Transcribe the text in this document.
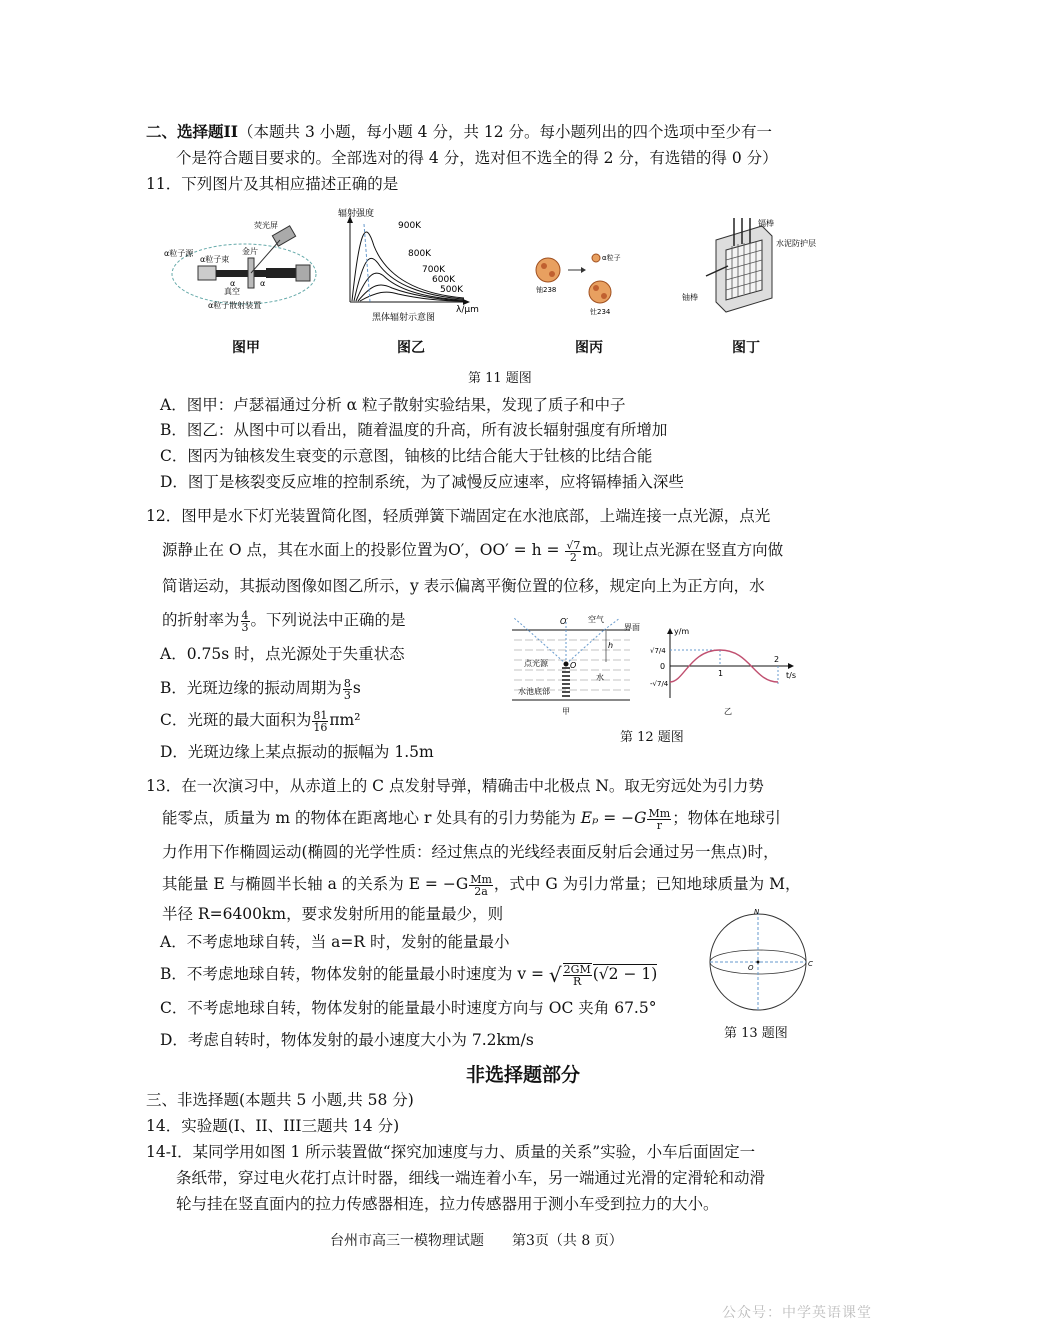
二、选择题II（本题共 3 小题，每小题 4 分，共 12 分。每小题列出的四个选项中至少有一
个是符合题目要求的。全部选对的得 4 分，选对但不选全的得 2 分，有选错的得 0 分）
11．下列图片及其相应描述正确的是
荧光屏
α粒子源
α粒子束
金片
α	α
真空
α粒子散射装置
图甲
辐射强度
900K
800K
700K
600K
500K
λ/μm
黑体辐射示意图
图乙
α粒子
铀238
钍234
图丙
镉棒
水泥防护层
铀棒
图丁
第 11 题图
A．图甲：卢瑟福通过分析 α 粒子散射实验结果，发现了质子和中子
B．图乙：从图中可以看出，随着温度的升高，所有波长辐射强度有所增加
C．图丙为铀核发生衰变的示意图，铀核的比结合能大于钍核的比结合能
D．图丁是核裂变反应堆的控制系统，为了减慢反应速率，应将镉棒插入深些
12．图甲是水下灯光装置简化图，轻质弹簧下端固定在水池底部，上端连接一点光源，点光
源静止在 O 点，其在水面上的投影位置为O′，$OO' = h = \frac{√7}{2}$ m。现让点光源在竖直方向做
简谐运动，其振动图像如图乙所示，y 表示偏离平衡位置的位移，规定向上为正方向，水
的折射率为 $\frac{4}{3}$ 。下列说法中正确的是
A．0.75s 时，点光源处于失重状态
B．光斑边缘的振动周期为 $\frac{8}{3}$ s
C．光斑的最大面积为 $\frac{81}{16} \pi m^2$
D．光斑边缘上某点振动的振幅为 1.5m
O′ 空气
界面
h
点光源	O
水
水池底部
甲
y/m
√7/4
0
-√7/4
1
2
t/s
乙
第 12 题图
13．在一次演习中，从赤道上的 C 点发射导弹，精确击中北极点 N。取无穷远处为引力势
能零点，质量为 m 的物体在距离地心 r 处具有的引力势能为 $E_p = -G \frac{Mm}{r}$ ；物体在地球引
力作用下作椭圆运动(椭圆的光学性质：经过焦点的光线经表面反射后会通过另一焦点)时，
其能量 E 与椭圆半长轴 a 的关系为 $E = -G \frac{Mm}{2a}$ ，式中 G 为引力常量；已知地球质量为 M，
半径 R=6400km，要求发射所用的能量最少，则
A．不考虑地球自转，当 a=R 时，发射的能量最小
B．不考虑地球自转，物体发射的能量最小时速度为 v = √ $\frac{2GM}{R} (√2 - 1)$
C．不考虑地球自转，物体发射的能量最小时速度方向与 OC 夹角 67.5°
D．考虑自转时，物体发射的最小速度大小为 7.2km/s
N
O	C
第 13 题图
非选择题部分
三、非选择题(本题共 5 小题,共 58 分)
14．实验题(I、II、III三题共 14 分)
14-I．某同学用如图 1 所示装置做“探究加速度与力、质量的关系”实验，小车后面固定一
条纸带，穿过电火花打点计时器，细线一端连着小车，另一端通过光滑的定滑轮和动滑
轮与挂在竖直面内的拉力传感器相连，拉力传感器用于测小车受到拉力的大小。
台州市高三一模物理试题　　第3页（共 8 页）
公众号：中学英语课堂
